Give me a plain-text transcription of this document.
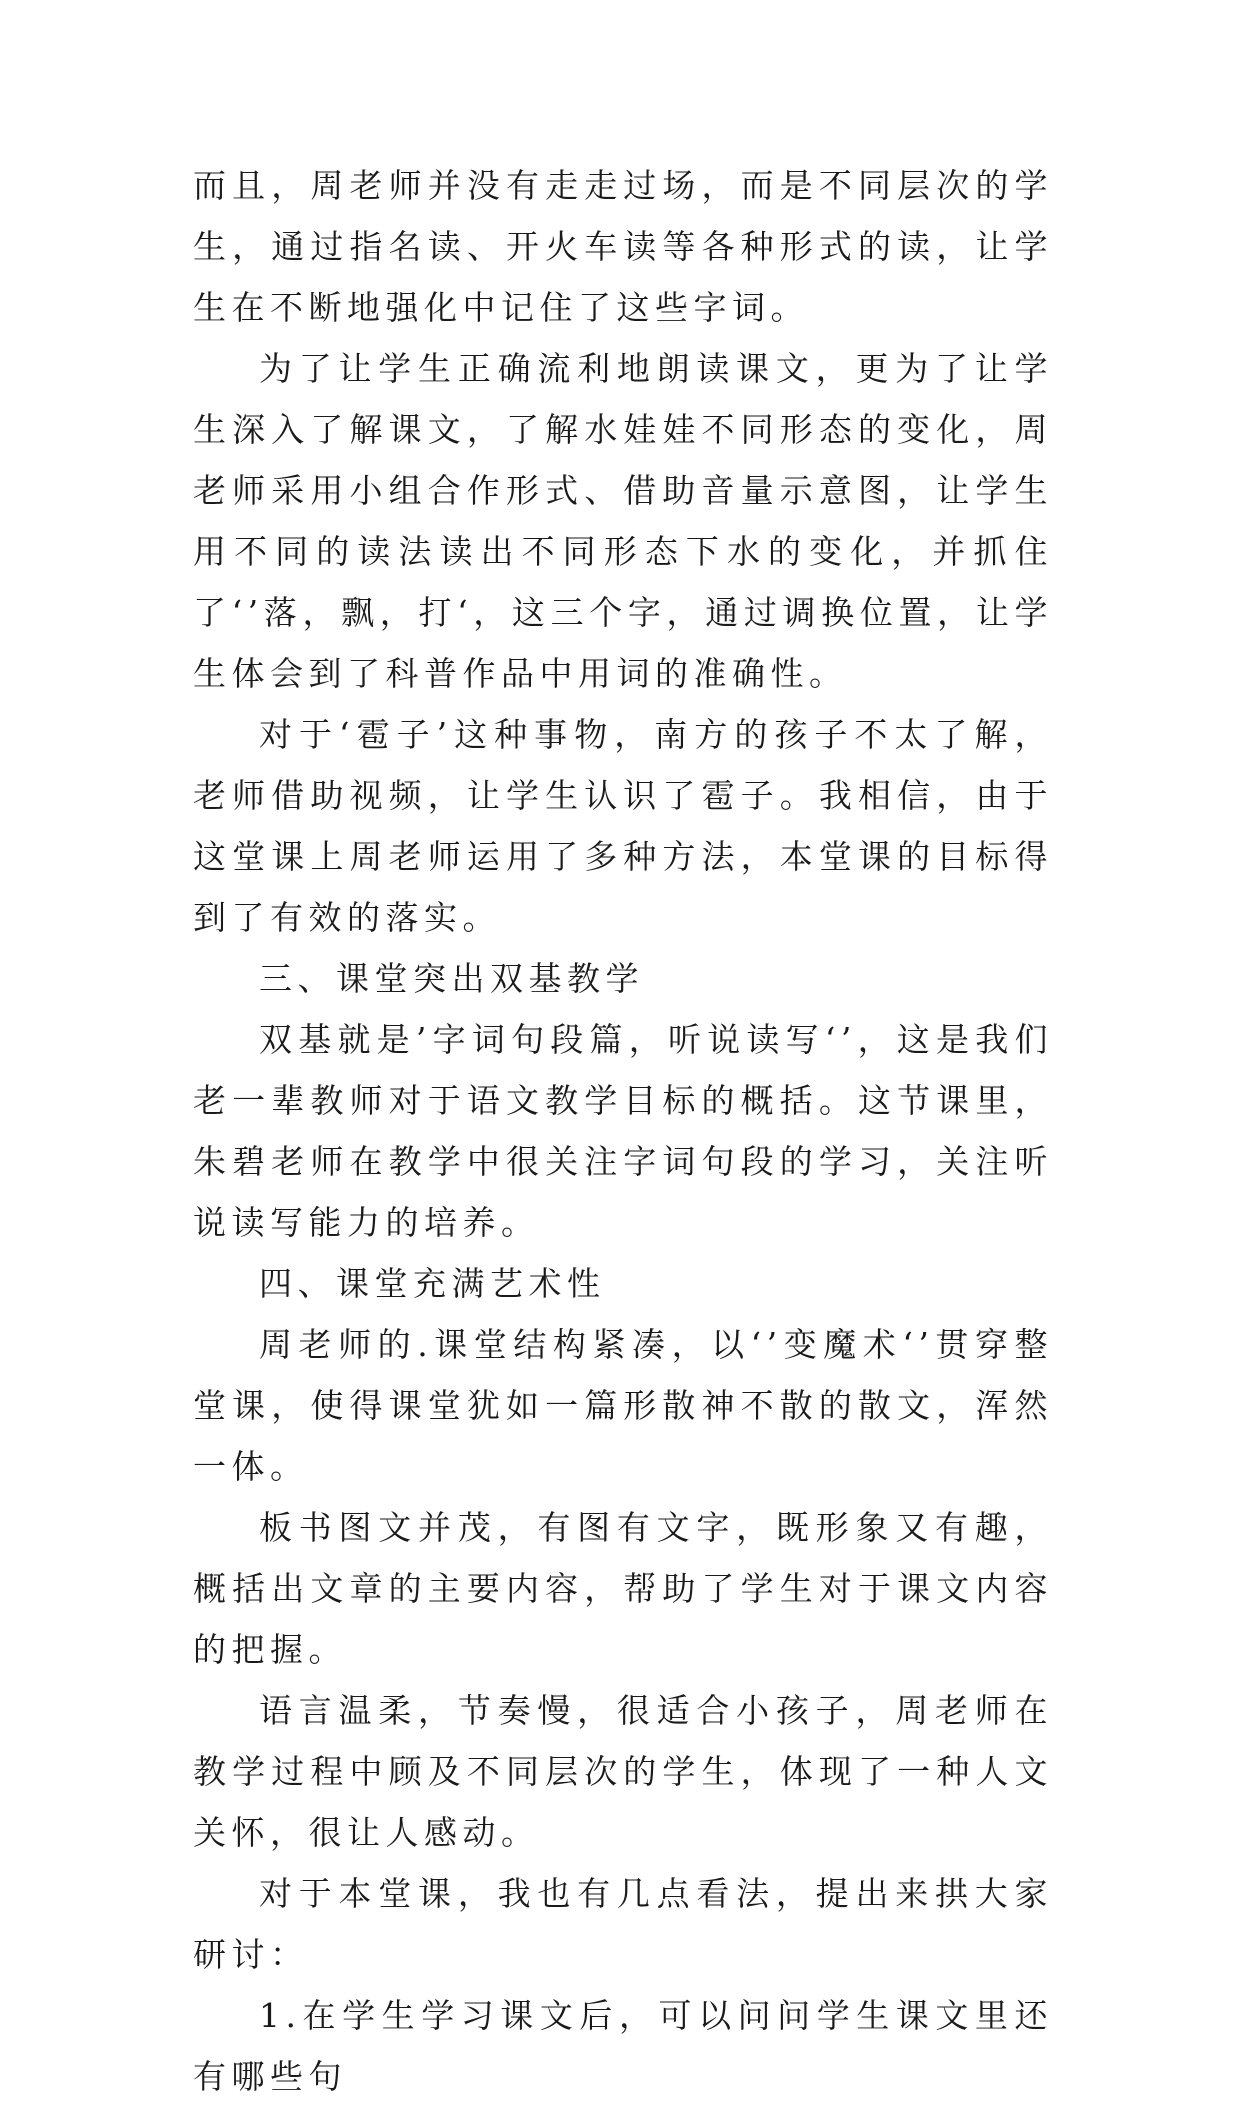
而且，周老师并没有走走过场，而是不同层次的学生，通过指名读、开火车读等各种形式的读，让学生在不断地强化中记住了这些字词。

为了让学生正确流利地朗读课文，更为了让学生深入了解课文，了解水娃娃不同形态的变化，周老师采用小组合作形式、借助音量示意图，让学生用不同的读法读出不同形态下水的变化，并抓住了‘’落，飘，打‘，这三个字，通过调换位置，让学生体会到了科普作品中用词的准确性。

对于‘雹子’这种事物，南方的孩子不太了解，老师借助视频，让学生认识了雹子。我相信，由于这堂课上周老师运用了多种方法，本堂课的目标得到了有效的落实。

三、课堂突出双基教学

双基就是’字词句段篇，听说读写‘’，这是我们老一辈教师对于语文教学目标的概括。这节课里，朱碧老师在教学中很关注字词句段的学习，关注听说读写能力的培养。

四、课堂充满艺术性

周老师的.课堂结构紧凑，以‘’变魔术‘’贯穿整堂课，使得课堂犹如一篇形散神不散的散文，浑然一体。

板书图文并茂，有图有文字，既形象又有趣，概括出文章的主要内容，帮助了学生对于课文内容的把握。

语言温柔，节奏慢，很适合小孩子，周老师在教学过程中顾及不同层次的学生，体现了一种人文关怀，很让人感动。

对于本堂课，我也有几点看法，提出来拱大家研讨：

1.在学生学习课文后，可以问问学生课文里还有哪些句
